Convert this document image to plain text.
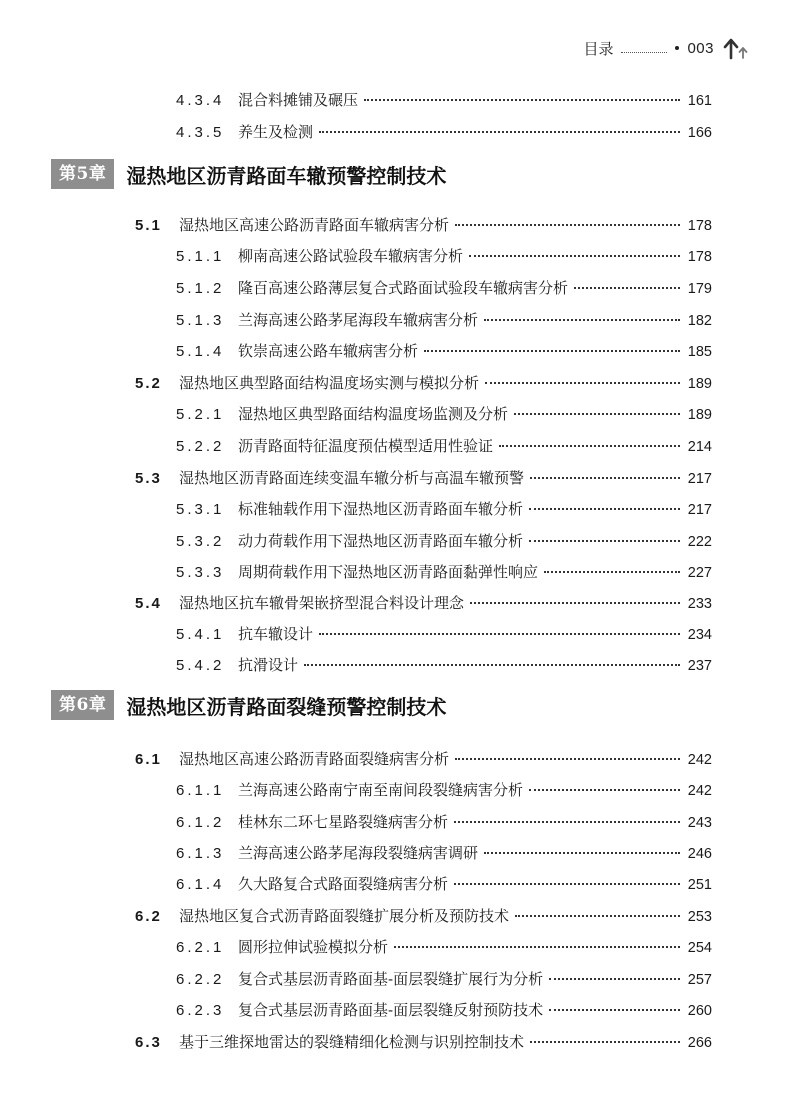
目录	003
4.3.4 混合料摊铺及碾压	161
4.3.5 养生及检测	166
第5章	湿热地区沥青路面车辙预警控制技术
5.1	湿热地区高速公路沥青路面车辙病害分析	178
5.1.1 柳南高速公路试验段车辙病害分析	178
5.1.2 隆百高速公路薄层复合式路面试验段车辙病害分析	179
5.1.3 兰海高速公路茅尾海段车辙病害分析	182
5.1.4 钦崇高速公路车辙病害分析	185
5.2	湿热地区典型路面结构温度场实测与模拟分析	189
5.2.1 湿热地区典型路面结构温度场监测及分析	189
5.2.2 沥青路面特征温度预估模型适用性验证	214
5.3	湿热地区沥青路面连续变温车辙分析与高温车辙预警	217
5.3.1 标准轴载作用下湿热地区沥青路面车辙分析	217
5.3.2 动力荷载作用下湿热地区沥青路面车辙分析	222
5.3.3 周期荷载作用下湿热地区沥青路面黏弹性响应	227
5.4	湿热地区抗车辙骨架嵌挤型混合料设计理念	233
5.4.1 抗车辙设计	234
5.4.2 抗滑设计	237
第6章	湿热地区沥青路面裂缝预警控制技术
6.1	湿热地区高速公路沥青路面裂缝病害分析	242
6.1.1 兰海高速公路南宁南至南间段裂缝病害分析	242
6.1.2 桂林东二环七星路裂缝病害分析	243
6.1.3 兰海高速公路茅尾海段裂缝病害调研	246
6.1.4 久大路复合式路面裂缝病害分析	251
6.2	湿热地区复合式沥青路面裂缝扩展分析及预防技术	253
6.2.1 圆形拉伸试验模拟分析	254
6.2.2 复合式基层沥青路面基-面层裂缝扩展行为分析	257
6.2.3 复合式基层沥青路面基-面层裂缝反射预防技术	260
6.3	基于三维探地雷达的裂缝精细化检测与识别控制技术	266
